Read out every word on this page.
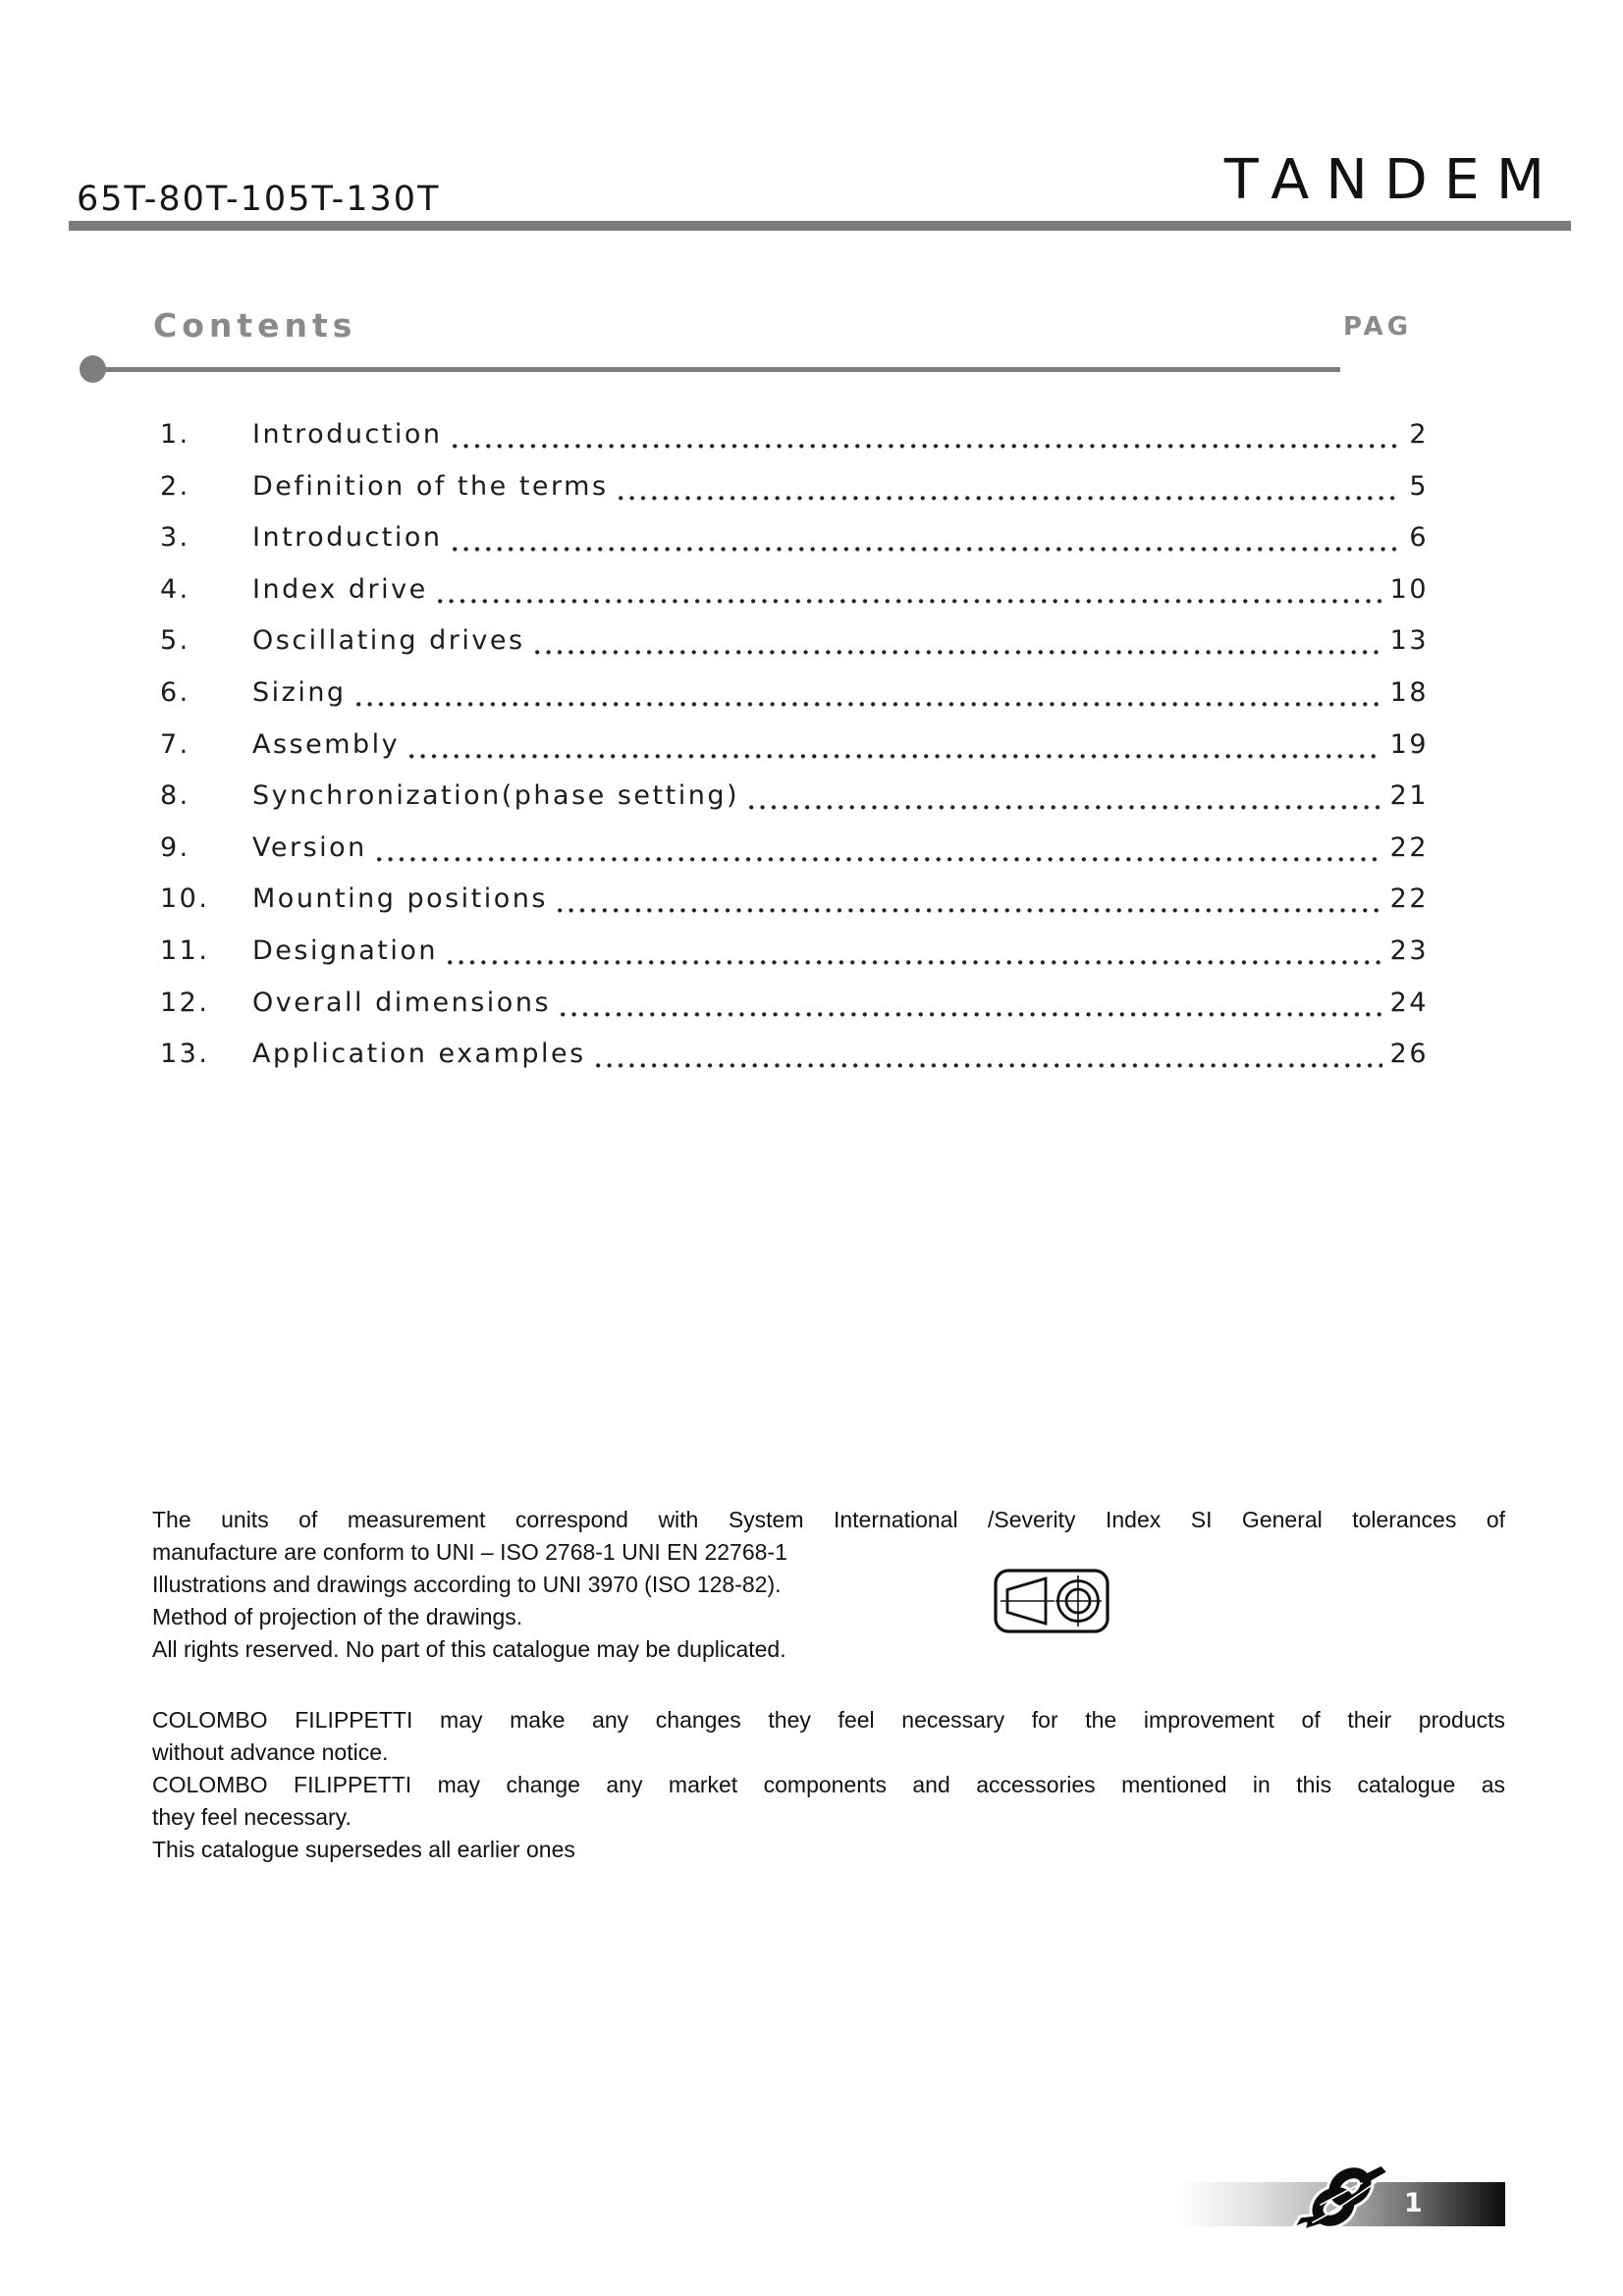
65T-80T-105T-130T	TANDEM
Contents	PAG
1.	Introduction	2
2.	Definition of the terms	5
3.	Introduction	6
4.	Index drive	10
5.	Oscillating drives	13
6.	Sizing	18
7.	Assembly	19
8.	Synchronization(phase setting)	21
9.	Version	22
10.	Mounting positions	22
11.	Designation	23
12.	Overall dimensions	24
13.	Application examples	26
The units of measurement correspond with System International /Severity Index SI General tolerances of
manufacture are conform to UNI – ISO 2768-1 UNI EN 22768-1
Illustrations and drawings according to UNI 3970 (ISO 128-82).
Method of projection of the drawings.
All rights reserved. No part of this catalogue may be duplicated.
COLOMBO FILIPPETTI may make any changes they feel necessary for the improvement of their products
without advance notice.
COLOMBO FILIPPETTI may change any market components and accessories mentioned in this catalogue as
they feel necessary.
This catalogue supersedes all earlier ones
1
